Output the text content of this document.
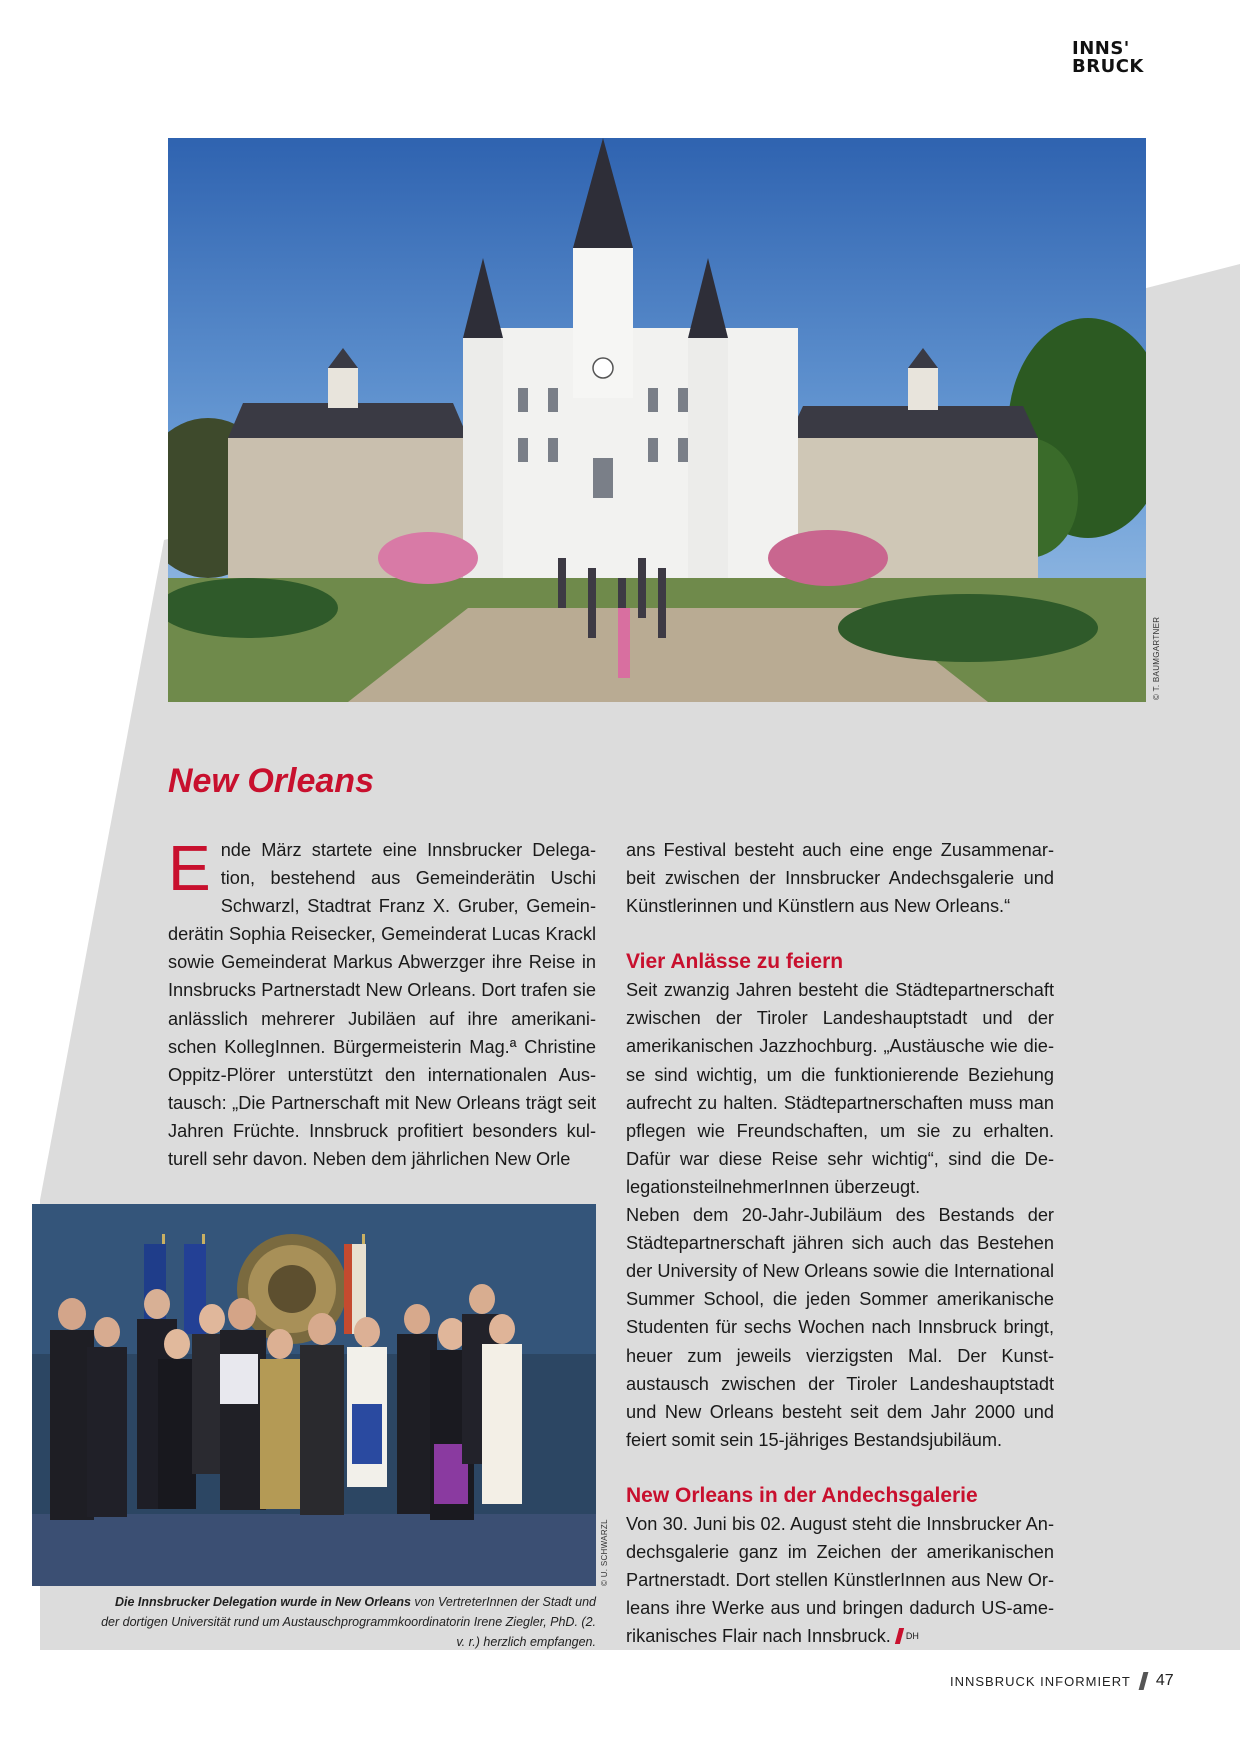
INNS'
BRUCK
© T. BAUMGARTNER
New Orleans

Ende März startete eine Innsbrucker Delegation, bestehend aus Gemeinderätin Uschi Schwarzl, Stadtrat Franz X. Gruber, Gemeinderätin Sophia Reisecker, Gemeinderat Lucas Krackl sowie Gemeinderat Markus Abwerzger ihre Reise in Innsbrucks Partnerstadt New Orleans. Dort trafen sie anlässlich mehrerer Jubiläen auf ihre amerikanischen KollegInnen. Bürgermeisterin Mag.ª Christine Oppitz-Plörer unterstützt den internationalen Austausch: „Die Partnerschaft mit New Orleans trägt seit Jahren Früchte. Innsbruck profitiert besonders kulturell sehr davon. Neben dem jährlichen New Orle

© U. SCHWARZL
Die Innsbrucker Delegation wurde in New Orleans von VertreterInnen der Stadt und der dortigen Universität rund um Austauschprogrammkoordinatorin Irene Ziegler, PhD. (2. v. r.) herzlich empfangen.

ans Festival besteht auch eine enge Zusammenarbeit zwischen der Innsbrucker Andechsgalerie und Künstlerinnen und Künstlern aus New Orleans.“

Vier Anlässe zu feiern

Seit zwanzig Jahren besteht die Städtepartnerschaft zwischen der Tiroler Landeshauptstadt und der amerikanischen Jazzhochburg. „Austäusche wie diese sind wichtig, um die funktionierende Beziehung aufrecht zu halten. Städtepartnerschaften muss man pflegen wie Freundschaften, um sie zu erhalten. Dafür war diese Reise sehr wichtig“, sind die DelegationsteilnehmerInnen überzeugt.

Neben dem 20-Jahr-Jubiläum des Bestands der Städtepartnerschaft jähren sich auch das Bestehen der University of New Orleans sowie die International Summer School, die jeden Sommer amerikanische Studenten für sechs Wochen nach Innsbruck bringt, heuer zum jeweils vierzigsten Mal. Der Kunstaustausch zwischen der Tiroler Landeshauptstadt und New Orleans besteht seit dem Jahr 2000 und feiert somit sein 15-jähriges Bestandsjubiläum.

New Orleans in der Andechsgalerie

Von 30. Juni bis 02. August steht die Innsbrucker Andechsgalerie ganz im Zeichen der amerikanischen Partnerstadt. Dort stellen KünstlerInnen aus New Orleans ihre Werke aus und bringen dadurch US-amerikanisches Flair nach Innsbruck. $^{DH}$

INNSBRUCK INFORMIERT 47
